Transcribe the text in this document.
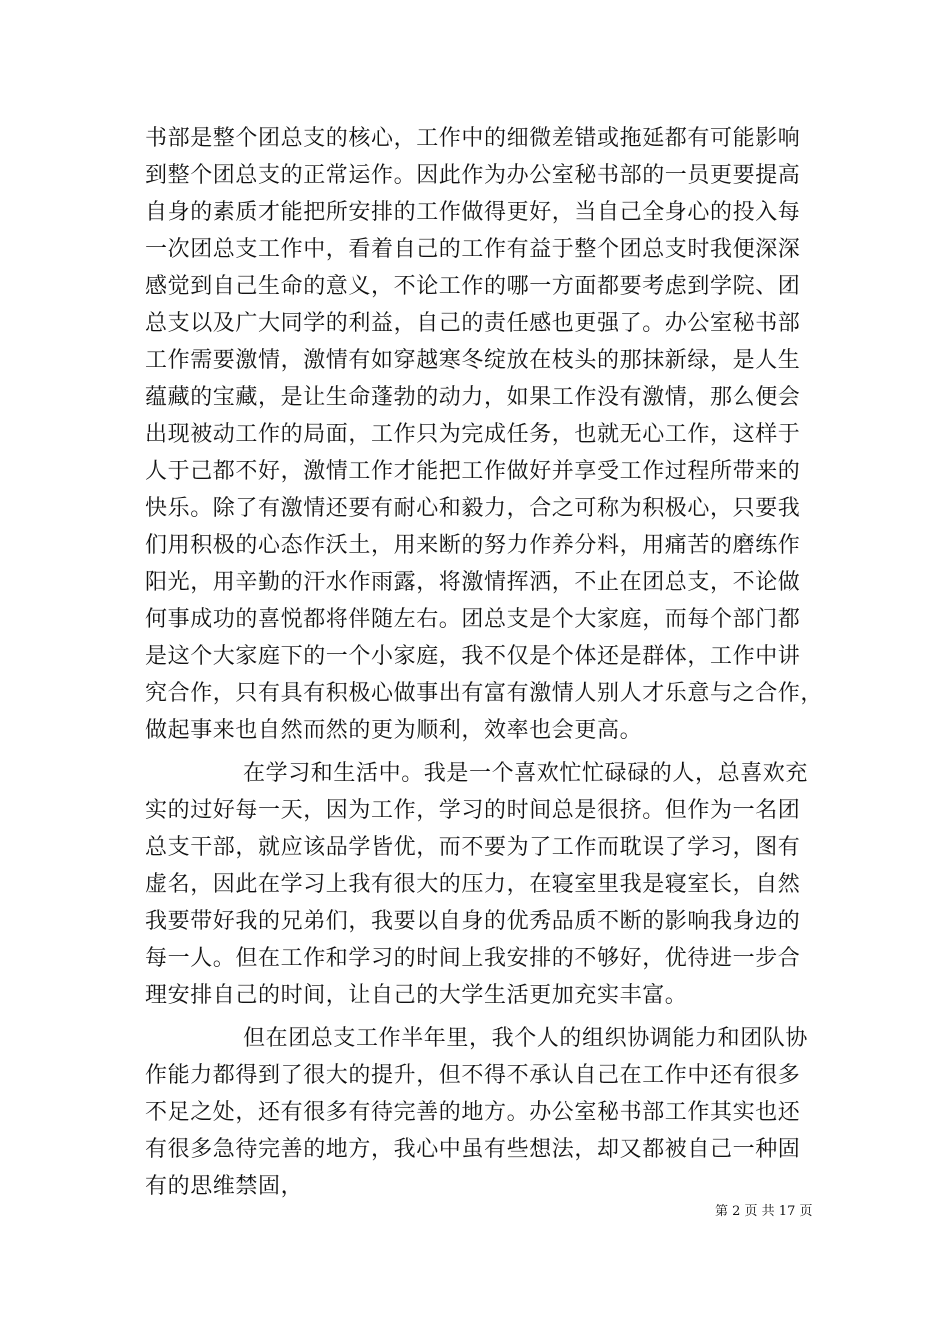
书部是整个团总支的核心，工作中的细微差错或拖延都有可能影响
到整个团总支的正常运作。因此作为办公室秘书部的一员更要提高
自身的素质才能把所安排的工作做得更好，当自己全身心的投入每
一次团总支工作中，看着自己的工作有益于整个团总支时我便深深
感觉到自己生命的意义，不论工作的哪一方面都要考虑到学院、团
总支以及广大同学的利益，自己的责任感也更强了。办公室秘书部
工作需要激情，激情有如穿越寒冬绽放在枝头的那抹新绿，是人生
蕴藏的宝藏，是让生命蓬勃的动力，如果工作没有激情，那么便会
出现被动工作的局面，工作只为完成任务，也就无心工作，这样于
人于己都不好，激情工作才能把工作做好并享受工作过程所带来的
快乐。除了有激情还要有耐心和毅力，合之可称为积极心，只要我
们用积极的心态作沃土，用来断的努力作养分料，用痛苦的磨练作
阳光，用辛勤的汗水作雨露，将激情挥洒，不止在团总支，不论做
何事成功的喜悦都将伴随左右。团总支是个大家庭，而每个部门都
是这个大家庭下的一个小家庭，我不仅是个体还是群体，工作中讲
究合作，只有具有积极心做事出有富有激情人别人才乐意与之合作，
做起事来也自然而然的更为顺利，效率也会更高。
在学习和生活中。我是一个喜欢忙忙碌碌的人，总喜欢充
实的过好每一天，因为工作，学习的时间总是很挤。但作为一名团
总支干部，就应该品学皆优，而不要为了工作而耽误了学习，图有
虚名，因此在学习上我有很大的压力，在寝室里我是寝室长，自然
我要带好我的兄弟们，我要以自身的优秀品质不断的影响我身边的
每一人。但在工作和学习的时间上我安排的不够好，优待进一步合
理安排自己的时间，让自己的大学生活更加充实丰富。
但在团总支工作半年里，我个人的组织协调能力和团队协
作能力都得到了很大的提升，但不得不承认自己在工作中还有很多
不足之处，还有很多有待完善的地方。办公室秘书部工作其实也还
有很多急待完善的地方，我心中虽有些想法，却又都被自己一种固
有的思维禁固，
第 2 页 共 17 页
